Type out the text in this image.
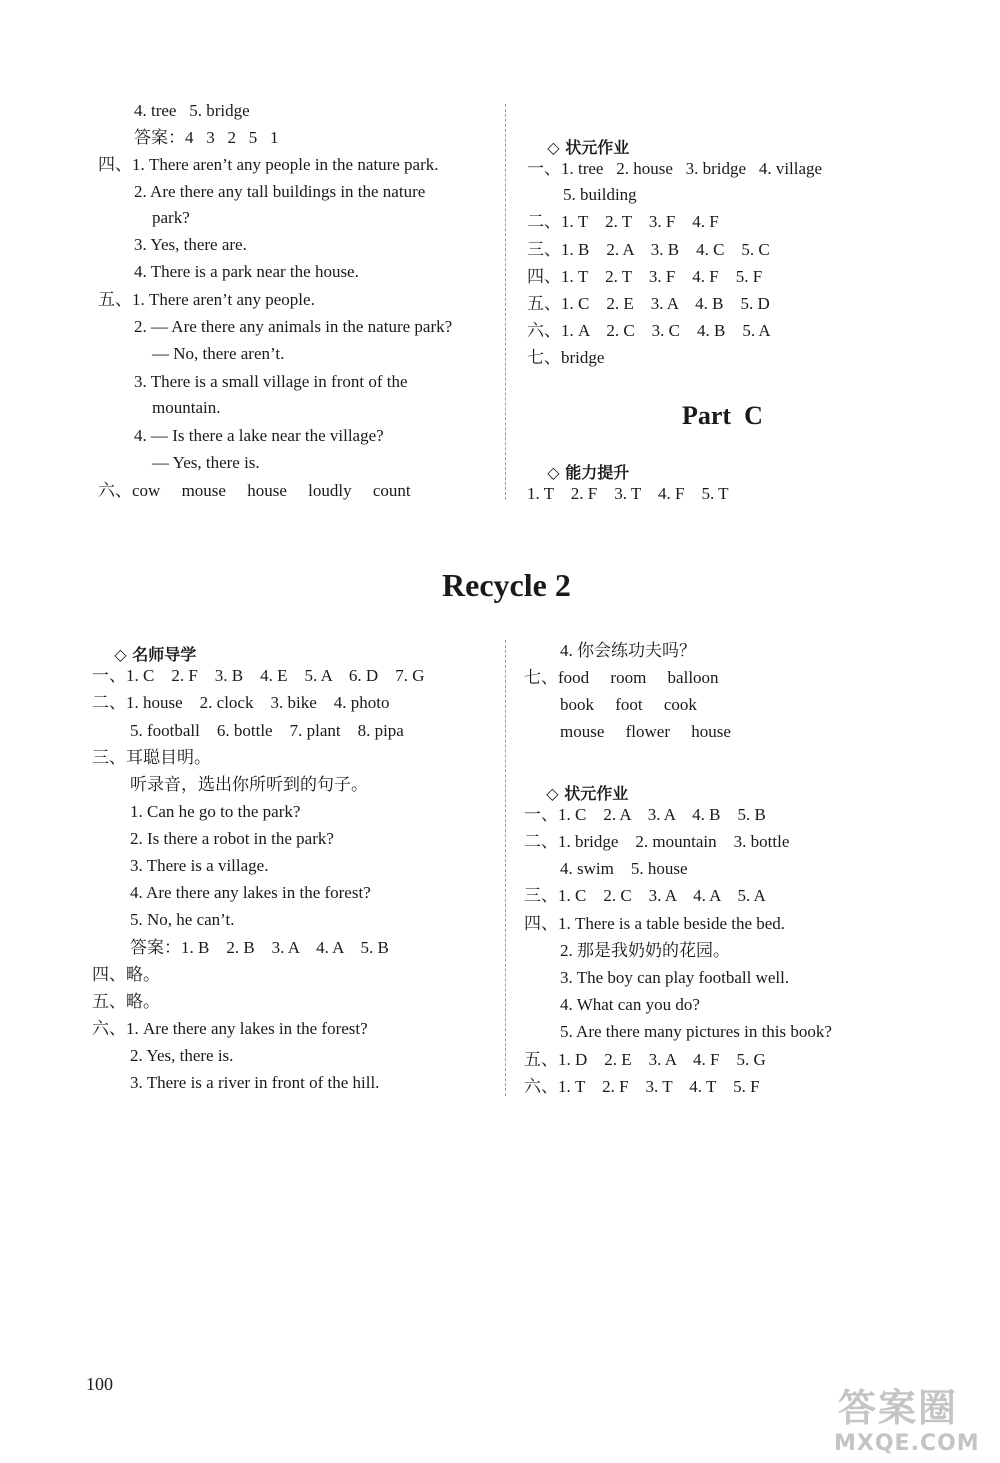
4. tree   5. bridge
答案：4   3   2   5   1
四、1. There aren’t any people in the nature park.
2. Are there any tall buildings in the nature
park?
3. Yes, there are.
4. There is a park near the house.
五、1. There aren’t any people.
2. — Are there any animals in the nature park?
— No, there aren’t.
3. There is a small village in front of the
mountain.
4. — Is there a lake near the village?
— Yes, there is.
六、cow     mouse     house     loudly     count

◇ 状元作业

一、1. tree   2. house   3. bridge   4. village
5. building
二、1. T    2. T    3. F    4. F
三、1. B    2. A    3. B    4. C    5. C
四、1. T    2. T    3. F    4. F    5. F
五、1. C    2. E    3. A    4. B    5. D
六、1. A    2. C    3. C    4. B    5. A
七、bridge
Part  C

◇ 能力提升

1. T    2. F    3. T    4. F    5. T
Recycle 2

◇ 名师导学

一、1. C    2. F    3. B    4. E    5. A    6. D    7. G
二、1. house    2. clock    3. bike    4. photo
5. football    6. bottle    7. plant    8. pipa
三、耳聪目明。
听录音，选出你所听到的句子。
1. Can he go to the park?
2. Is there a robot in the park?
3. There is a village.
4. Are there any lakes in the forest?
5. No, he can’t.
答案：1. B    2. B    3. A    4. A    5. B
四、略。
五、略。
六、1. Are there any lakes in the forest?
2. Yes, there is.
3. There is a river in front of the hill.
4. 你会练功夫吗？
七、food     room     balloon
book     foot     cook
mouse     flower     house

◇ 状元作业

一、1. C    2. A    3. A    4. B    5. B
二、1. bridge    2. mountain    3. bottle
4. swim    5. house
三、1. C    2. C    3. A    4. A    5. A
四、1. There is a table beside the bed.
2. 那是我奶奶的花园。
3. The boy can play football well.
4. What can you do?
5. Are there many pictures in this book?
五、1. D    2. E    3. A    4. F    5. G
六、1. T    2. F    3. T    4. T    5. F
100
答案圈
MXQE.COM
